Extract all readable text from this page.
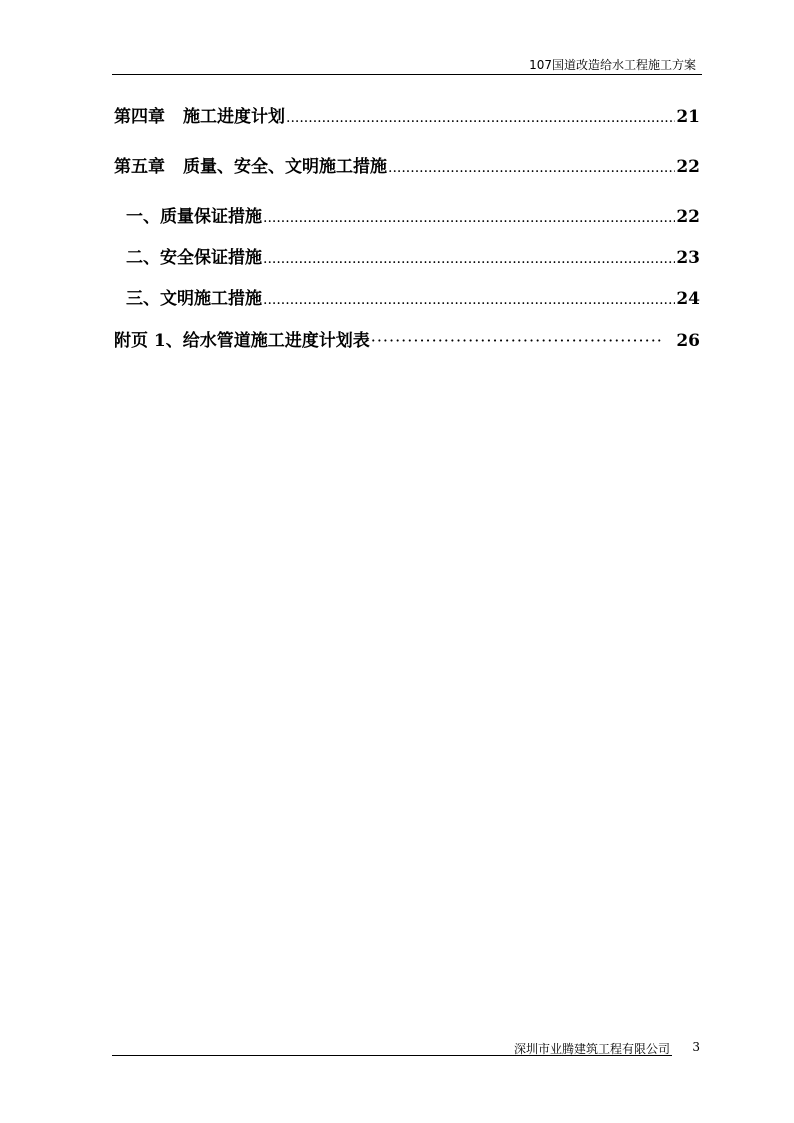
107国道改造给水工程施工方案
第四章 施工进度计划 .....	21
第五章 质量、安全、文明施工措施 .....	22
一、质量保证措施 .....	22
二、安全保证措施 .....	23
三、文明施工措施 .....	24
附页 1、给水管道施工进度计划表 ·····	26
深圳市业腾建筑工程有限公司 3
